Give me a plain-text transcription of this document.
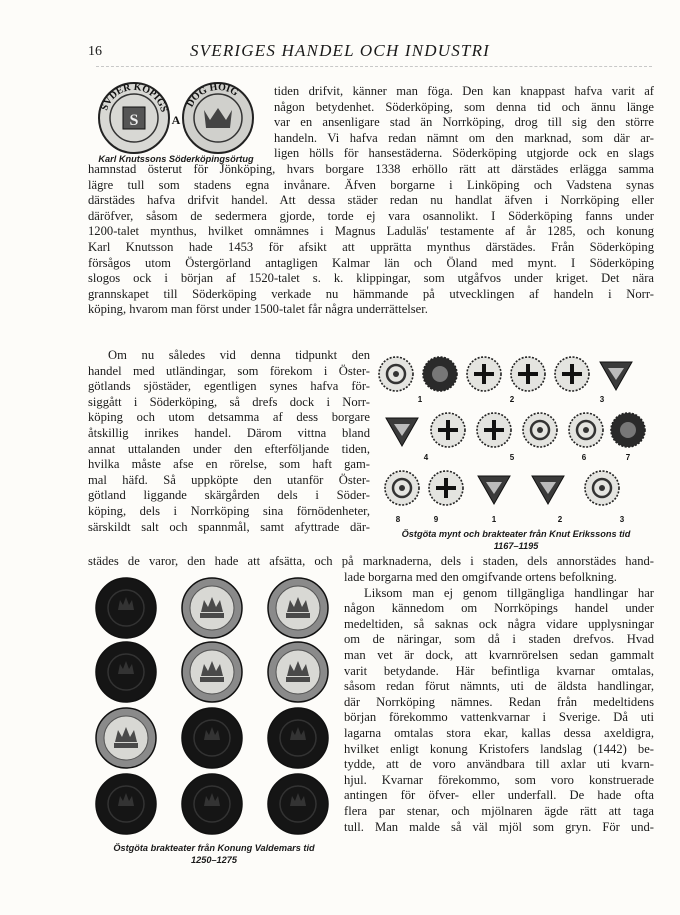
16	SVERIGES HANDEL OCH INDUSTRI
S
SVDER KOPIGS
A
DOG HOIG
Karl Knutssons Söderköpingsörtug
tiden drifvit, känner man föga. Den kan knappast hafva varit af
någon betydenhet. Söderköping, som denna tid och ännu länge
var en ansenligare stad än Norrköping, drog till sig den större
handeln. Vi hafva redan nämnt om den marknad, som där ar-
ligen hölls för hansestäderna. Söderköping utgjorde ock en slags
hamnstad österut för Jönköping, hvars borgare 1338 erhöllo rätt att därstädes erlägga samma
lägre tull som stadens egna invånare. Äfven borgarne i Linköping och Vadstena synas
därstädes hafva drifvit handel. Att dessa städer redan nu handlat äfven i Norrköping eller
däröfver, såsom de sedermera gjorde, torde ej vara osannolikt. I Söderköping fanns under
1200-talet mynthus, hvilket omnämnes i Magnus Laduläs' testamente af år 1285, och konung
Karl Knutsson hade 1453 för afsikt att upprätta mynthus därstädes. Från Söderköping
försågos utom Östergörland antagligen Kalmar län och Öland med mynt. I Söderköping
slogos ock i början af 1520-talet s. k. klippingar, som utgåfvos under kriget. Det nära
grannskapet till Söderköping verkade nu hämmande på utvecklingen af handeln i Norr-
köping, hvarom man först under 1500-talet får några underrättelser.
Om nu således vid denna tidpunkt den
handel med utländingar, som förekom i Öster-
götlands sjöstäder, egentligen synes hafva för-
siggått i Söderköping, så drefs dock i Norr-
köping och utom detsamma af dess borgare
åtskillig inrikes handel. Därom vittna bland
annat uttalanden under den efterföljande tiden,
hvilka måste afse en rörelse, som haft gam-
mal häfd. Så uppköpte den utanför Öster-
götland liggande skärgården dels i Söder-
köping, dels i Norrköping sina förnödenheter,
särskildt salt och spannmål, samt afyttrade där-
1	2	3
4	5	6	7
8	9	1	2	3
Östgöta mynt och brakteater från Knut Erikssons tid
1167–1195
städes de varor, den hade att afsätta, och på marknaderna, dels i staden, dels annorstädes hand-
Östgöta brakteater från Konung Valdemars tid
1250–1275
lade borgarna med den omgifvande ortens befolkning.
Liksom man ej genom tillgängliga handlingar har
någon kännedom om Norrköpings handel under
medeltiden, så saknas ock några vidare upplysningar
om de näringar, som då i staden drefvos. Hvad
man vet är dock, att kvarnrörelsen sedan gammalt
varit betydande. Här befintliga kvarnar omtalas,
såsom redan förut nämnts, uti de äldsta handlingar,
där Norrköping nämnes. Redan från medeltidens
början förekommo vattenkvarnar i Sverige. Då uti
lagarna omtalas stora ekar, kallas dessa axeldigra,
hvilket enligt konung Kristofers landslag (1442) be-
tydde, att de voro användbara till axlar uti kvarn-
hjul. Kvarnar förekommo, som voro konstruerade
antingen för öfver- eller underfall. De hade ofta
flera par stenar, och mjölnaren ägde rätt att taga
tull. Man malde så väl mjöl som gryn. För und-
